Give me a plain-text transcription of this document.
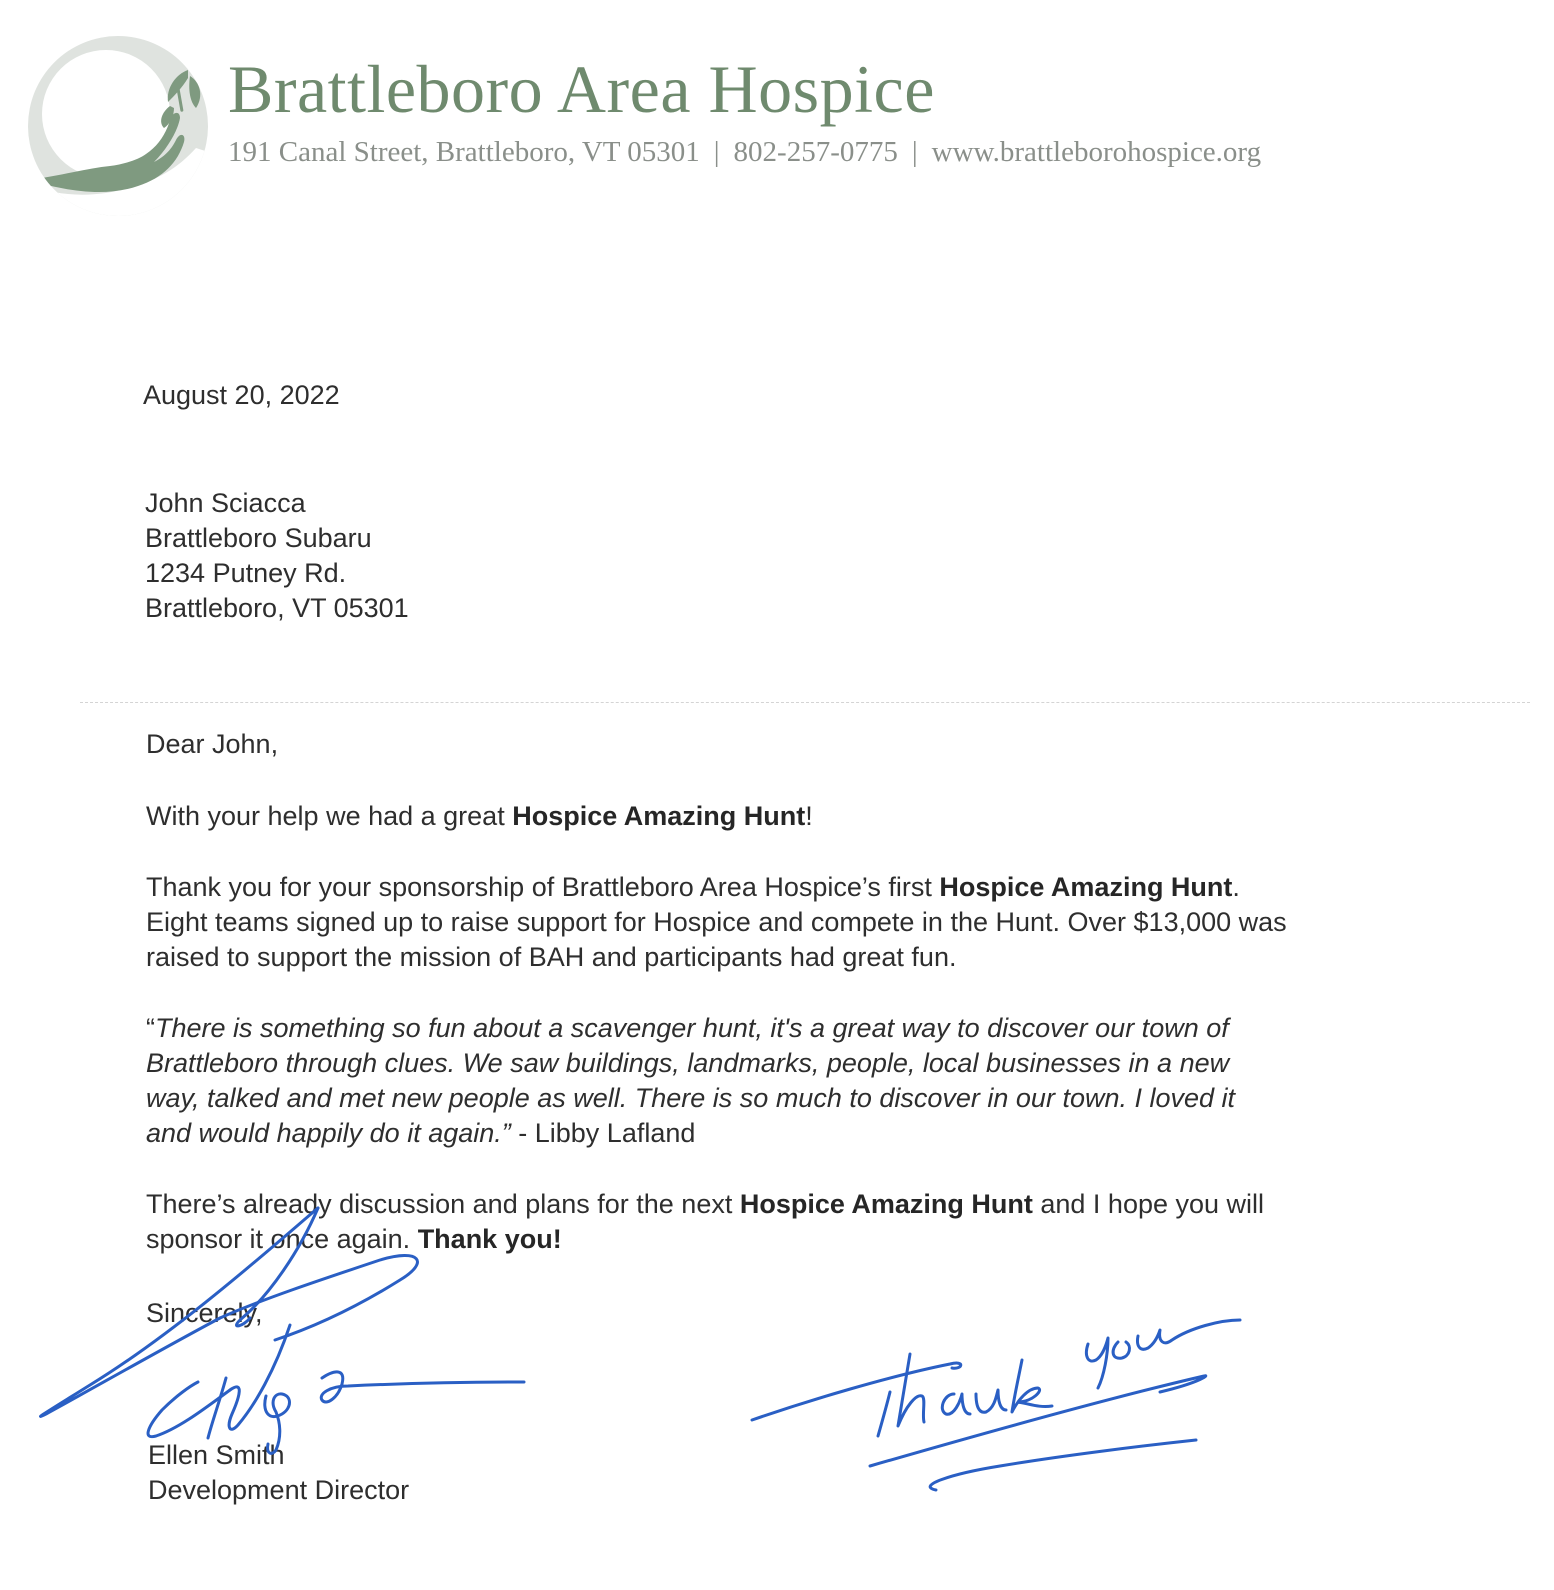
Brattleboro Area Hospice
191 Canal Street, Brattleboro, VT 05301 | 802-257-0775 | www.brattleborohospice.org
August 20, 2022
John Sciacca
Brattleboro Subaru
1234 Putney Rd.
Brattleboro, VT 05301
Dear John,
With your help we had a great Hospice Amazing Hunt!
Thank you for your sponsorship of Brattleboro Area Hospice’s first Hospice Amazing Hunt.
Eight teams signed up to raise support for Hospice and compete in the Hunt. Over $13,000 was
raised to support the mission of BAH and participants had great fun.
“There is something so fun about a scavenger hunt, it's a great way to discover our town of
Brattleboro through clues. We saw buildings, landmarks, people, local businesses in a new
way, talked and met new people as well. There is so much to discover in our town. I loved it
and would happily do it again.” - Libby Lafland
There’s already discussion and plans for the next Hospice Amazing Hunt and I hope you will
sponsor it once again. Thank you!
Sincerely,
Ellen Smith
Development Director
